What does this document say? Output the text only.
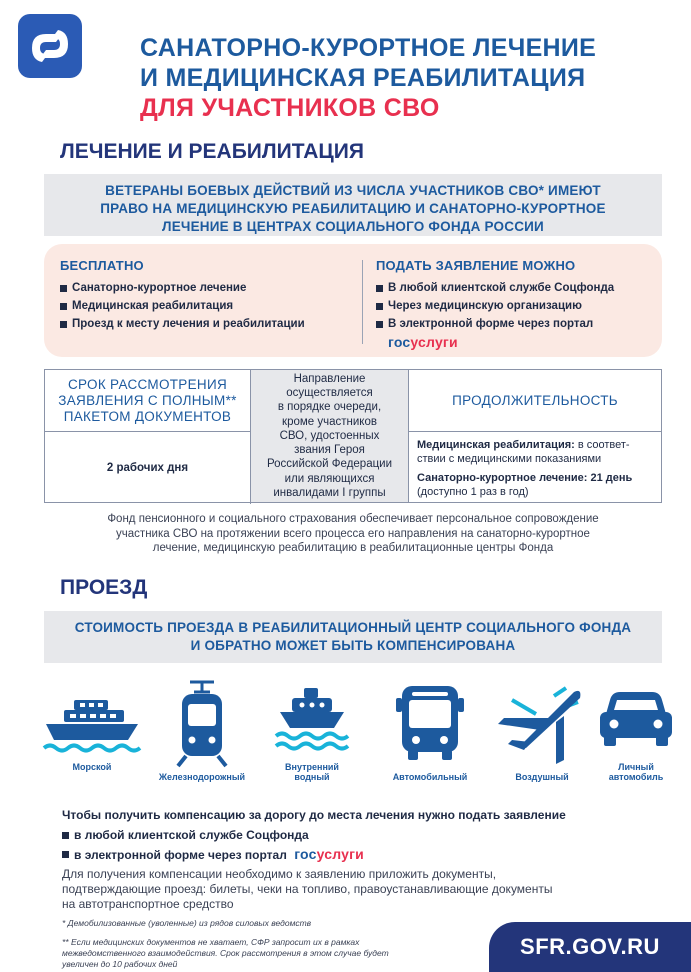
САНАТОРНО-КУРОРТНОЕ ЛЕЧЕНИЕ
И МЕДИЦИНСКАЯ РЕАБИЛИТАЦИЯ
ДЛЯ УЧАСТНИКОВ СВО
ЛЕЧЕНИЕ И РЕАБИЛИТАЦИЯ
ВЕТЕРАНЫ БОЕВЫХ ДЕЙСТВИЙ ИЗ ЧИСЛА УЧАСТНИКОВ СВО* ИМЕЮТ
ПРАВО НА МЕДИЦИНСКУЮ РЕАБИЛИТАЦИЮ И САНАТОРНО-КУРОРТНОЕ
ЛЕЧЕНИЕ В ЦЕНТРАХ СОЦИАЛЬНОГО ФОНДА РОССИИ
БЕСПЛАТНО
Санаторно-курортное лечение
Медицинская реабилитация
Проезд к месту лечения и реабилитации
ПОДАТЬ ЗАЯВЛЕНИЕ МОЖНО
В любой клиентской службе Соцфонда
Через медицинскую организацию
В электронной форме через портал
госуслуги
СРОК РАССМОТРЕНИЯ
ЗАЯВЛЕНИЯ С ПОЛНЫМ**
ПАКЕТОМ ДОКУМЕНТОВ
2 рабочих дня
Направление
осуществляется
в порядке очереди,
кроме участников
СВО, удостоенных
звания Героя
Российской Федерации
или являющихся
инвалидами I группы
ПРОДОЛЖИТЕЛЬНОСТЬ

Медицинская реабилитация: в соответ-
ствии с медицинскими показаниями

Санаторно-курортное лечение: 21 день
(доступно 1 раз в год)

Фонд пенсионного и социального страхования обеспечивает персональное сопровождение
участника СВО на протяжении всего процесса его направления на санаторно-курортное
лечение, медицинскую реабилитацию в реабилитационные центры Фонда
ПРОЕЗД
СТОИМОСТЬ ПРОЕЗДА В РЕАБИЛИТАЦИОННЫЙ ЦЕНТР СОЦИАЛЬНОГО ФОНДА
И ОБРАТНО МОЖЕТ БЫТЬ КОМПЕНСИРОВАНА
Морской
Железнодорожный
Внутренний
водный	Автомобильный	Воздушный
Личный
автомобиль
Чтобы получить компенсацию за дорогу до места лечения нужно подать заявление
в любой клиентской службе Соцфонда
в электронной форме через портал госуслуги
Для получения компенсации необходимо к заявлению приложить документы,
подтверждающие проезд: билеты, чеки на топливо, правоустанавливающие документы
на автотранспортное средство
* Демобилизованные (уволенные) из рядов силовых ведомств
** Если медицинских документов не хватает, СФР запросит их в рамках
межведомственного взаимодействия. Срок рассмотрения в этом случае будет
увеличен до 10 рабочих дней
SFR.GOV.RU
